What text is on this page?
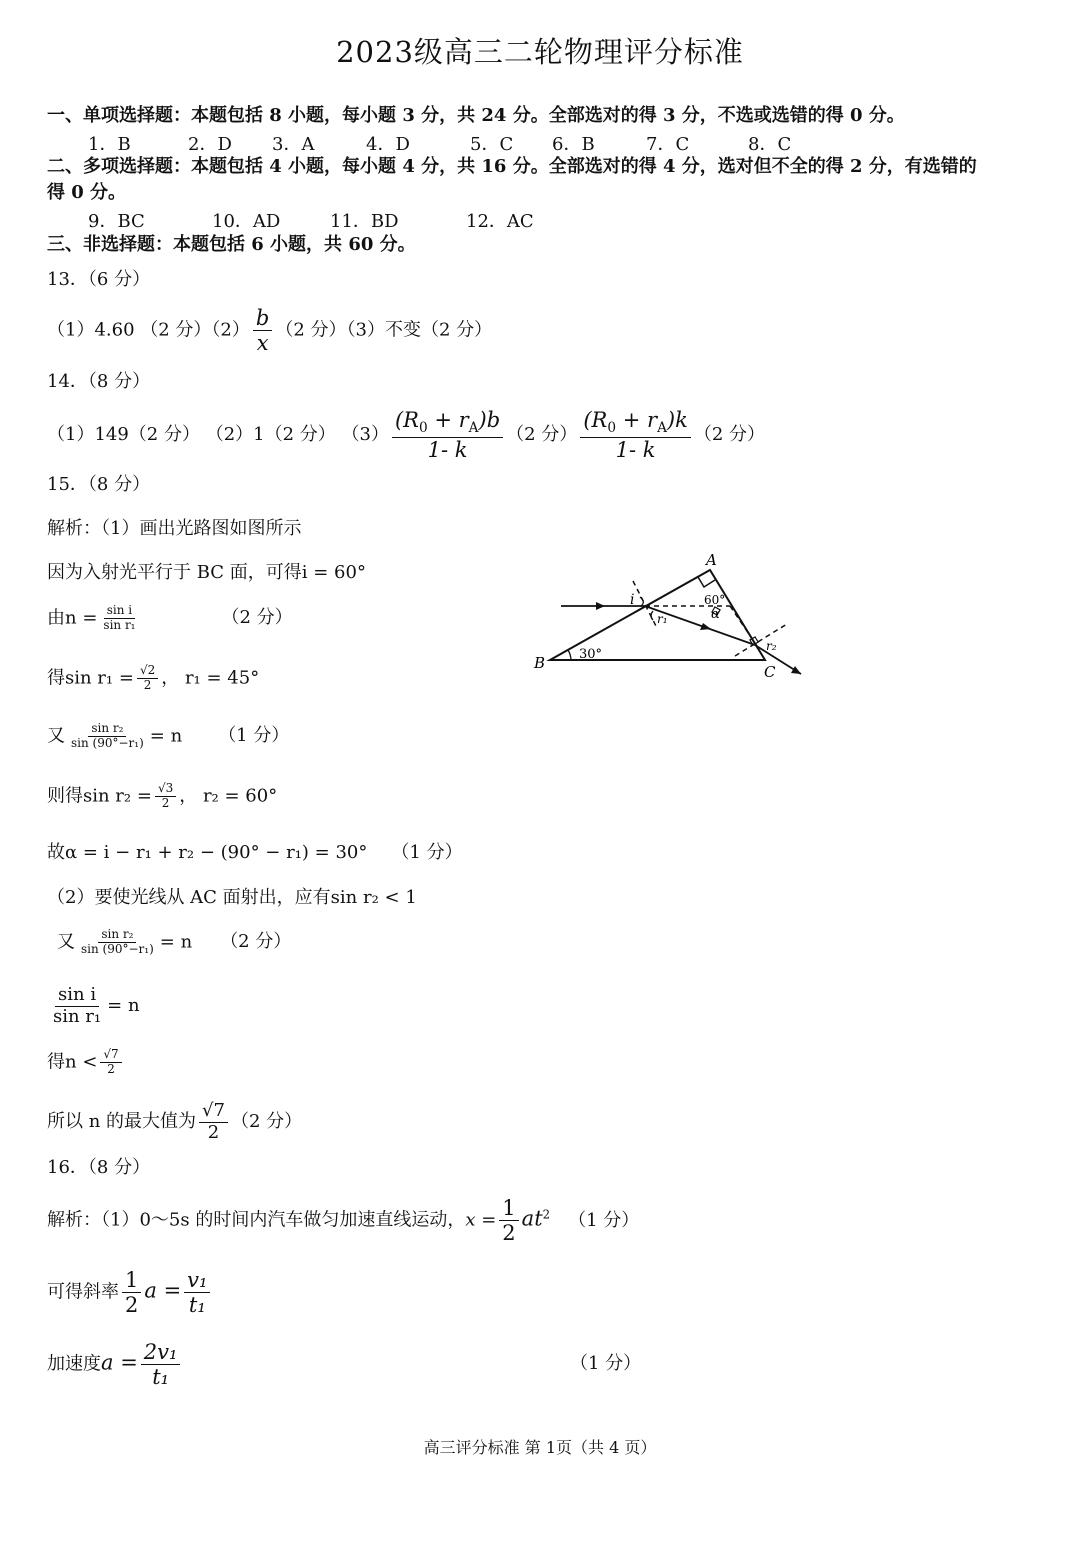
2023级高三二轮物理评分标准
一、单项选择题：本题包括 8 小题，每小题 3 分，共 24 分。全部选对的得 3 分，不选或选错的得 0 分。
1．B	2．D 3．A	4．D	5．C 6．B	7．C	8．C
二、多项选择题：本题包括 4 小题，每小题 4 分，共 16 分。全部选对的得 4 分，选对但不全的得 2 分，有选错的
得 0 分。
9．BC	10．AD	11．BD	12．AC
三、非选择题：本题包括 6 小题，共 60 分。
13．（6 分）
（1）4.60 （2 分）$(2) \frac{b}{x} (2$ 分）（3）不变（2 分）
14．（8 分）
（1）149（2 分） （2）1（2 分） $(3) \frac{(R_0 + r_A)b}{1- k} (2$ 分） $\frac{(R_0 + r_A)k}{1- k} (2$ 分）
15．（8 分）
解析：（1）画出光路图如图所示
因为入射光平行于 BC 面，可得i = 60°
由$n = \frac{\text{sin i}}{\text{sin r₁}}$	（2 分）
得$\sin r_1 = \frac{√2}{2}$ ， r₁ = 45°
又 $\frac{\text{sin r₂}}{\text{sin (90°−r₁)}} = n$ （1 分）
则得$\sin r_2 = \frac{√3}{2}$ ， r₂ = 60°
故α = i − r₁ + r₂ − (90° − r₁) = 30° （1 分）
（2）要使光线从 AC 面射出，应有sin r₂ < 1
又 $\frac{\text{sin r₂}}{\text{sin (90°−r₁)}} = n$ （2 分）
$\frac{\text{sin i}}{\text{sin r₁}} = n$
得$n < \frac{√7}{2}$
所以 n 的最大值为 $\frac{√7}{2} (2$ 分）
A
B	C
30°
60°
i
r₁
r₂
α
16．（8 分）
解析：（1）0～5s 的时间内汽车做匀加速直线运动，$x = \frac{1}{2} at^2$ （1 分）
可得斜率 $\frac{1}{2}$ $a = \frac{\text{v₁}}{\text{t₁}}$
加速度$a = \frac{\text{2v₁}}{\text{t₁}}$	（1 分）
高三评分标准 第 1页（共 4 页）
